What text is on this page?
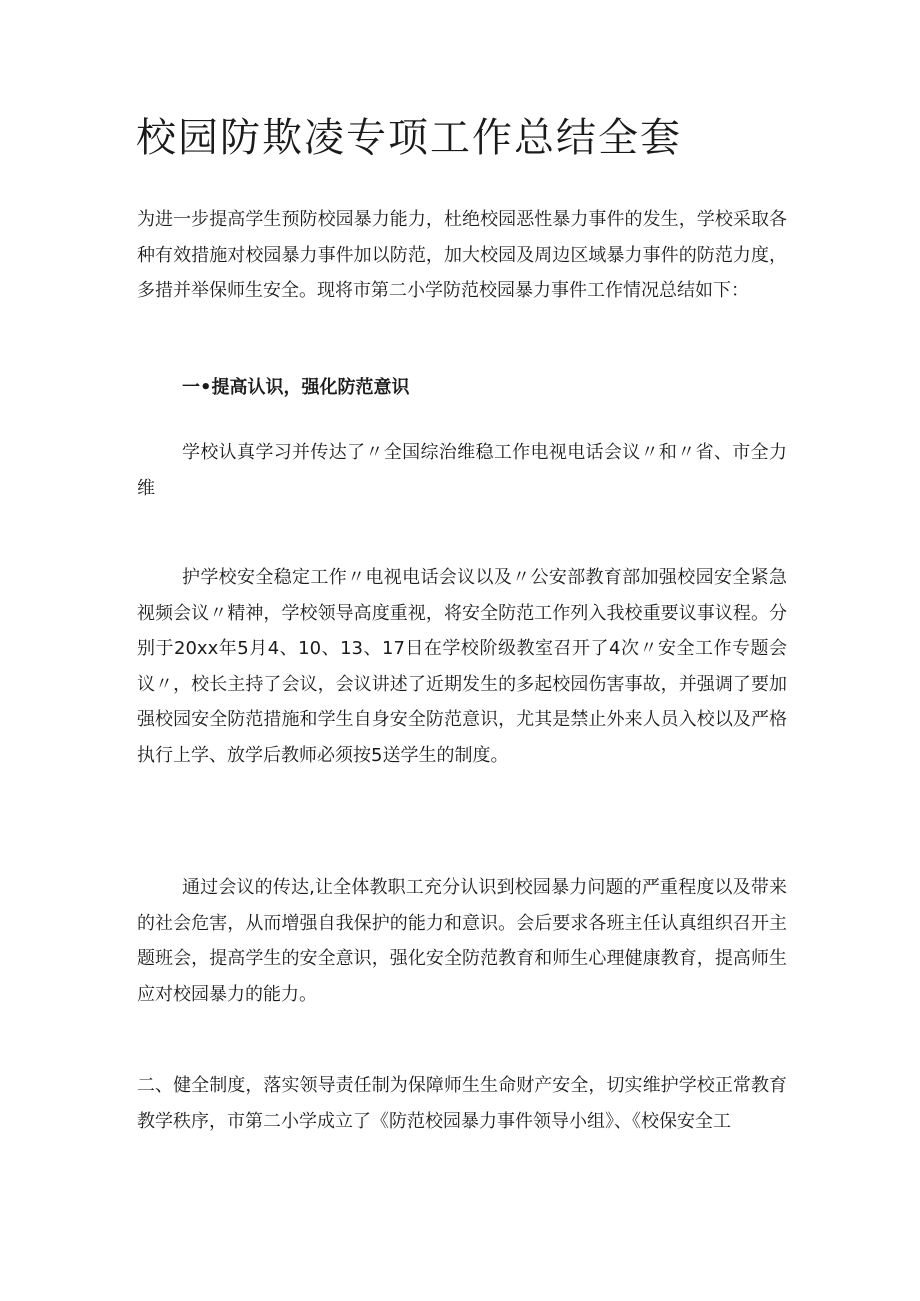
校园防欺凌专项工作总结全套

为进一步提高学生预防校园暴力能力，杜绝校园恶性暴力事件的发生，学校采取各种有效措施对校园暴力事件加以防范，加大校园及周边区域暴力事件的防范力度，多措并举保师生安全。现将市第二小学防范校园暴力事件工作情况总结如下：

一•提高认识，强化防范意识

学校认真学习并传达了〃全国综治维稳工作电视电话会议〃和〃省、市全力维

护学校安全稳定工作〃电视电话会议以及〃公安部教育部加强校园安全紧急视频会议〃精神，学校领导高度重视，将安全防范工作列入我校重要议事议程。分别于20xx年5月4、10、13、17日在学校阶级教室召开了4次〃安全工作专题会议〃，校长主持了会议，会议讲述了近期发生的多起校园伤害事故，并强调了要加强校园安全防范措施和学生自身安全防范意识，尤其是禁止外来人员入校以及严格执行上学、放学后教师必须按5送学生的制度。

通过会议的传达,让全体教职工充分认识到校园暴力问题的严重程度以及带来的社会危害，从而增强自我保护的能力和意识。会后要求各班主任认真组织召开主题班会，提高学生的安全意识，强化安全防范教育和师生心理健康教育，提高师生应对校园暴力的能力。

二、健全制度，落实领导责任制为保障师生生命财产安全，切实维护学校正常教育教学秩序，市第二小学成立了《防范校园暴力事件领导小组》、《校保安全工
